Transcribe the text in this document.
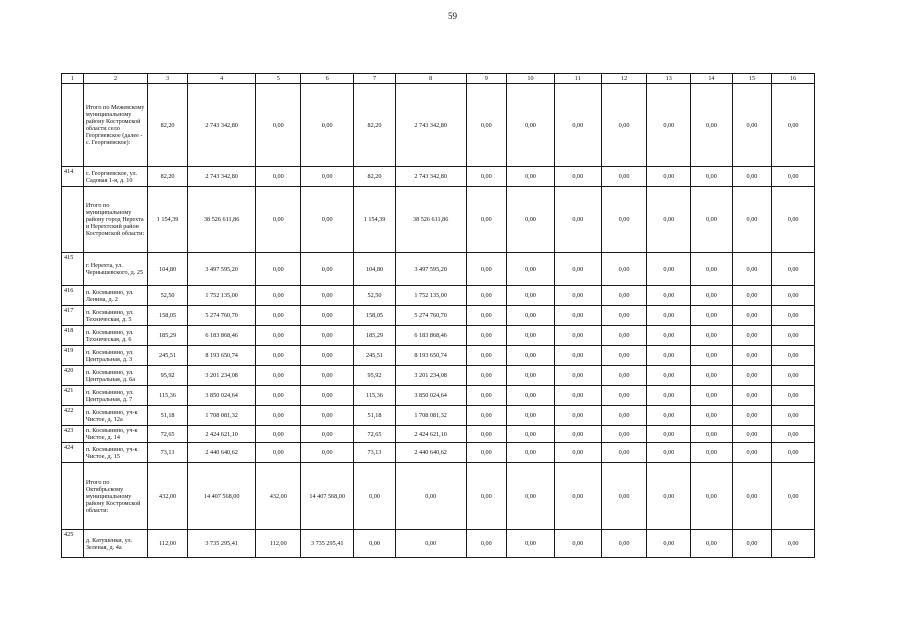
59
1	2	3	4	5	6	7	8	9	10	11	12	13	14	15	16
	Итого по Межевскому муниципальному району Костромской области село Георгиевское (далее - с. Георгиевское):	82,20	2 743 342,80	0,00	0,00	82,20	2 743 342,80	0,00	0,00	0,00	0,00	0,00	0,00	0,00	0,00
414	с. Георгиевское, ул. Садовая 1-я, д. 10	82,20	2 743 342,80	0,00	0,00	82,20	2 743 342,80	0,00	0,00	0,00	0,00	0,00	0,00	0,00	0,00
	Итого по муниципальному району город Нерехта и Нерехтский район Костромской области:	1 154,39	38 526 611,86	0,00	0,00	1 154,39	38 526 611,86	0,00	0,00	0,00	0,00	0,00	0,00	0,00	0,00
415	г. Нерехта, ул. Чернышевского, д. 25	104,80	3 497 595,20	0,00	0,00	104,80	3 497 595,20	0,00	0,00	0,00	0,00	0,00	0,00	0,00	0,00
416	п. Космынино, ул. Ленина, д. 2	52,50	1 752 135,00	0,00	0,00	52,50	1 752 135,00	0,00	0,00	0,00	0,00	0,00	0,00	0,00	0,00
417	п. Космынино, ул. Техническая, д. 5	158,05	5 274 760,70	0,00	0,00	158,05	5 274 760,70	0,00	0,00	0,00	0,00	0,00	0,00	0,00	0,00
418	п. Космынино, ул. Техническая, д. 6	185,29	6 183 868,46	0,00	0,00	185,29	6 183 868,46	0,00	0,00	0,00	0,00	0,00	0,00	0,00	0,00
419	п. Космынино, ул. Центральная, д. 3	245,51	8 193 650,74	0,00	0,00	245,51	8 193 650,74	0,00	0,00	0,00	0,00	0,00	0,00	0,00	0,00
420	п. Космынино, ул. Центральная, д. 6а	95,92	3 201 234,08	0,00	0,00	95,92	3 201 234,08	0,00	0,00	0,00	0,00	0,00	0,00	0,00	0,00
421	п. Космынино, ул. Центральная, д. 7	115,36	3 850 024,64	0,00	0,00	115,36	3 850 024,64	0,00	0,00	0,00	0,00	0,00	0,00	0,00	0,00
422	п. Космынино, уч-к Чистое, д. 12а	51,18	1 708 081,32	0,00	0,00	51,18	1 708 081,32	0,00	0,00	0,00	0,00	0,00	0,00	0,00	0,00
423	п. Космынино, уч-к Чистое, д. 14	72,65	2 424 621,10	0,00	0,00	72,65	2 424 621,10	0,00	0,00	0,00	0,00	0,00	0,00	0,00	0,00
424	п. Космынино, уч-к Чистое, д. 15	73,13	2 440 640,62	0,00	0,00	73,13	2 440 640,62	0,00	0,00	0,00	0,00	0,00	0,00	0,00	0,00
	Итого по Октябрьскому муниципальному району Костромской области:	432,00	14 407 568,00	432,00	14 407 568,00	0,00	0,00	0,00	0,00	0,00	0,00	0,00	0,00	0,00	0,00
425	д. Катушенки, ул. Зеленая, д. 4а	112,00	3 735 295,41	112,00	3 735 295,41	0,00	0,00	0,00	0,00	0,00	0,00	0,00	0,00	0,00	0,00
